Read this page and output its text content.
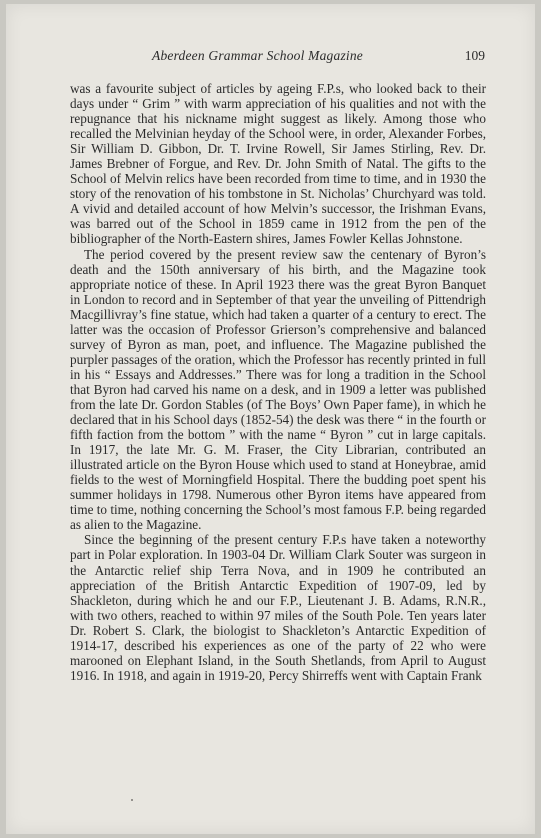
Aberdeen Grammar School Magazine	109

was a favourite subject of articles by ageing F.P.s, who looked back to their days under “ Grim ” with warm appreciation of his qualities and not with the repugnance that his nickname might suggest as likely. Among those who recalled the Melvinian heyday of the School were, in order, Alexander Forbes, Sir William D. Gibbon, Dr. T. Irvine Rowell, Sir James Stirling, Rev. Dr. James Brebner of Forgue, and Rev. Dr. John Smith of Natal. The gifts to the School of Melvin relics have been recorded from time to time, and in 1930 the story of the renovation of his tombstone in St. Nicholas’ Churchyard was told. A vivid and detailed account of how Melvin’s successor, the Irishman Evans, was barred out of the School in 1859 came in 1912 from the pen of the bibliographer of the North-Eastern shires, James Fowler Kellas Johnstone.

The period covered by the present review saw the centenary of Byron’s death and the 150th anniversary of his birth, and the Magazine took appropriate notice of these. In April 1923 there was the great Byron Banquet in London to record and in September of that year the unveiling of Pittendrigh Macgillivray’s fine statue, which had taken a quarter of a century to erect. The latter was the occasion of Professor Grierson’s comprehensive and balanced survey of Byron as man, poet, and influence. The Magazine published the purpler passages of the oration, which the Professor has recently printed in full in his “ Essays and Addresses.” There was for long a tradition in the School that Byron had carved his name on a desk, and in 1909 a letter was published from the late Dr. Gordon Stables (of The Boys’ Own Paper fame), in which he declared that in his School days (1852-54) the desk was there “ in the fourth or fifth faction from the bottom ” with the name “ Byron ” cut in large capitals. In 1917, the late Mr. G. M. Fraser, the City Librarian, contributed an illustrated article on the Byron House which used to stand at Honeybrae, amid fields to the west of Morningfield Hospital. There the budding poet spent his summer holidays in 1798. Numerous other Byron items have appeared from time to time, nothing concerning the School’s most famous F.P. being regarded as alien to the Magazine.

Since the beginning of the present century F.P.s have taken a noteworthy part in Polar exploration. In 1903-04 Dr. William Clark Souter was surgeon in the Antarctic relief ship Terra Nova, and in 1909 he contributed an appreciation of the British Antarctic Expedition of 1907-09, led by Shackleton, during which he and our F.P., Lieutenant J. B. Adams, R.N.R., with two others, reached to within 97 miles of the South Pole. Ten years later Dr. Robert S. Clark, the biologist to Shackleton’s Antarctic Expedition of 1914-17, described his experiences as one of the party of 22 who were marooned on Elephant Island, in the South Shetlands, from April to August 1916. In 1918, and again in 1919-20, Percy Shirreffs went with Captain Frank
